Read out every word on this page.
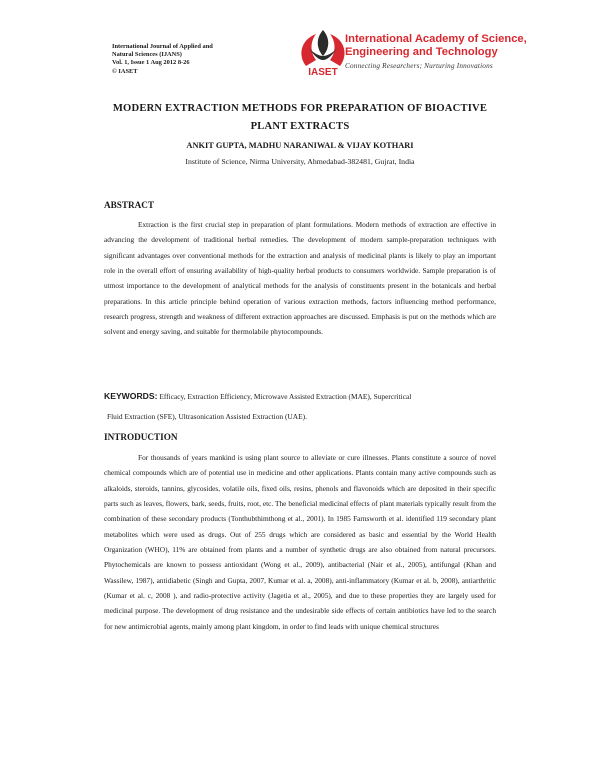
International Journal of Applied and
Natural Sciences (IJANS)
Vol. 1, Issue 1 Aug 2012 8-26
© IASET	IASET
International Academy of Science,
Engineering and Technology
Connecting Researchers; Nurturing Innovations
MODERN EXTRACTION METHODS FOR PREPARATION OF BIOACTIVE
PLANT EXTRACTS
ANKIT GUPTA, MADHU NARANIWAL & VIJAY KOTHARI
Institute of Science, Nirma University, Ahmedabad-382481, Gujrat, India
ABSTRACT

Extraction is the first crucial step in preparation of plant formulations. Modern methods of extraction are effective in advancing the development of traditional herbal remedies. The development of modern sample-preparation techniques with significant advantages over conventional methods for the extraction and analysis of medicinal plants is likely to play an important role in the overall effort of ensuring availability of high-quality herbal products to consumers worldwide. Sample preparation is of utmost importance to the development of analytical methods for the analysis of constituents present in the botanicals and herbal preparations. In this article principle behind operation of various extraction methods, factors influencing method performance, research progress, strength and weakness of different extraction approaches are discussed. Emphasis is put on the methods which are solvent and energy saving, and suitable for thermolabile phytocompounds.

KEYWORDS: Efficacy, Extraction Efficiency, Microwave Assisted Extraction (MAE), Supercritical
Fluid Extraction (SFE), Ultrasonication Assisted Extraction (UAE).
INTRODUCTION

For thousands of years mankind is using plant source to alleviate or cure illnesses. Plants constitute a source of novel chemical compounds which are of potential use in medicine and other applications. Plants contain many active compounds such as alkaloids, steroids, tannins, glycosides, volatile oils, fixed oils, resins, phenols and flavonoids which are deposited in their specific parts such as leaves, flowers, bark, seeds, fruits, root, etc. The beneficial medicinal effects of plant materials typically result from the combination of these secondary products (Tonthubthimthong et al., 2001). In 1985 Farnsworth et al. identified 119 secondary plant metabolites which were used as drugs. Out of 255 drugs which are considered as basic and essential by the World Health Organization (WHO), 11% are obtained from plants and a number of synthetic drugs are also obtained from natural precursors. Phytochemicals are known to possess antioxidant (Wong et al., 2009), antibacterial (Nair et al., 2005), antifungal (Khan and Wassilew, 1987), antidiabetic (Singh and Gupta, 2007, Kumar et al. a, 2008), anti-inflammatory (Kumar et al. b, 2008), antiarthritic (Kumar et al. c, 2008 ), and radio-protective activity (Jagetia et al., 2005), and due to these properties they are largely used for medicinal purpose. The development of drug resistance and the undesirable side effects of certain antibiotics have led to the search for new antimicrobial agents, mainly among plant kingdom, in order to find leads with unique chemical structures
